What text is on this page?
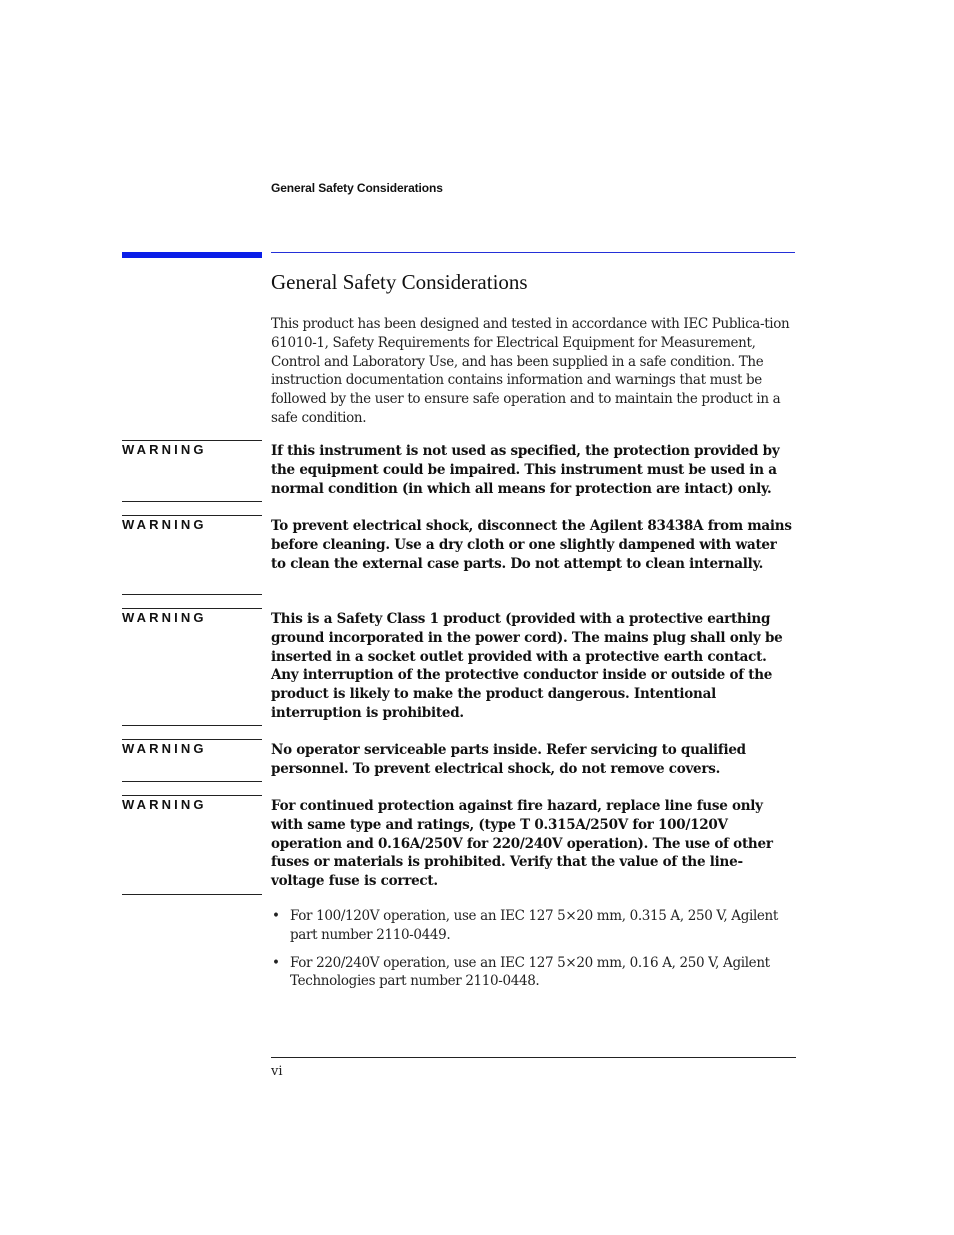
General Safety Considerations
General Safety Considerations

This product has been designed and tested in accordance with IEC Publica-tion 61010-1, Safety Requirements for Electrical Equipment for Measurement, Control and Laboratory Use, and has been supplied in a safe condition. The instruction documentation contains information and warnings that must be followed by the user to ensure safe operation and to maintain the product in a safe condition.

WARNING	If this instrument is not used as specified, the protection provided by the equipment could be impaired. This instrument must be used in a normal condition (in which all means for protection are intact) only.

WARNING	To prevent electrical shock, disconnect the Agilent 83438A from mains before cleaning. Use a dry cloth or one slightly dampened with water to clean the external case parts. Do not attempt to clean internally.

WARNING	This is a Safety Class 1 product (provided with a protective earthing ground incorporated in the power cord). The mains plug shall only be inserted in a socket outlet provided with a protective earth contact. Any interruption of the protective conductor inside or outside of the product is likely to make the product dangerous. Intentional interruption is prohibited.

WARNING	No operator serviceable parts inside. Refer servicing to qualified personnel. To prevent electrical shock, do not remove covers.

WARNING	For continued protection against fire hazard, replace line fuse only with same type and ratings, (type T 0.315A/250V for 100/120V operation and 0.16A/250V for 220/240V operation). The use of other fuses or materials is prohibited. Verify that the value of the line-voltage fuse is correct.

• For 100/120V operation, use an IEC 127 5×20 mm, 0.315 A, 250 V, Agilent part number 2110-0449.
• For 220/240V operation, use an IEC 127 5×20 mm, 0.16 A, 250 V, Agilent Technologies part number 2110-0448.
vi
